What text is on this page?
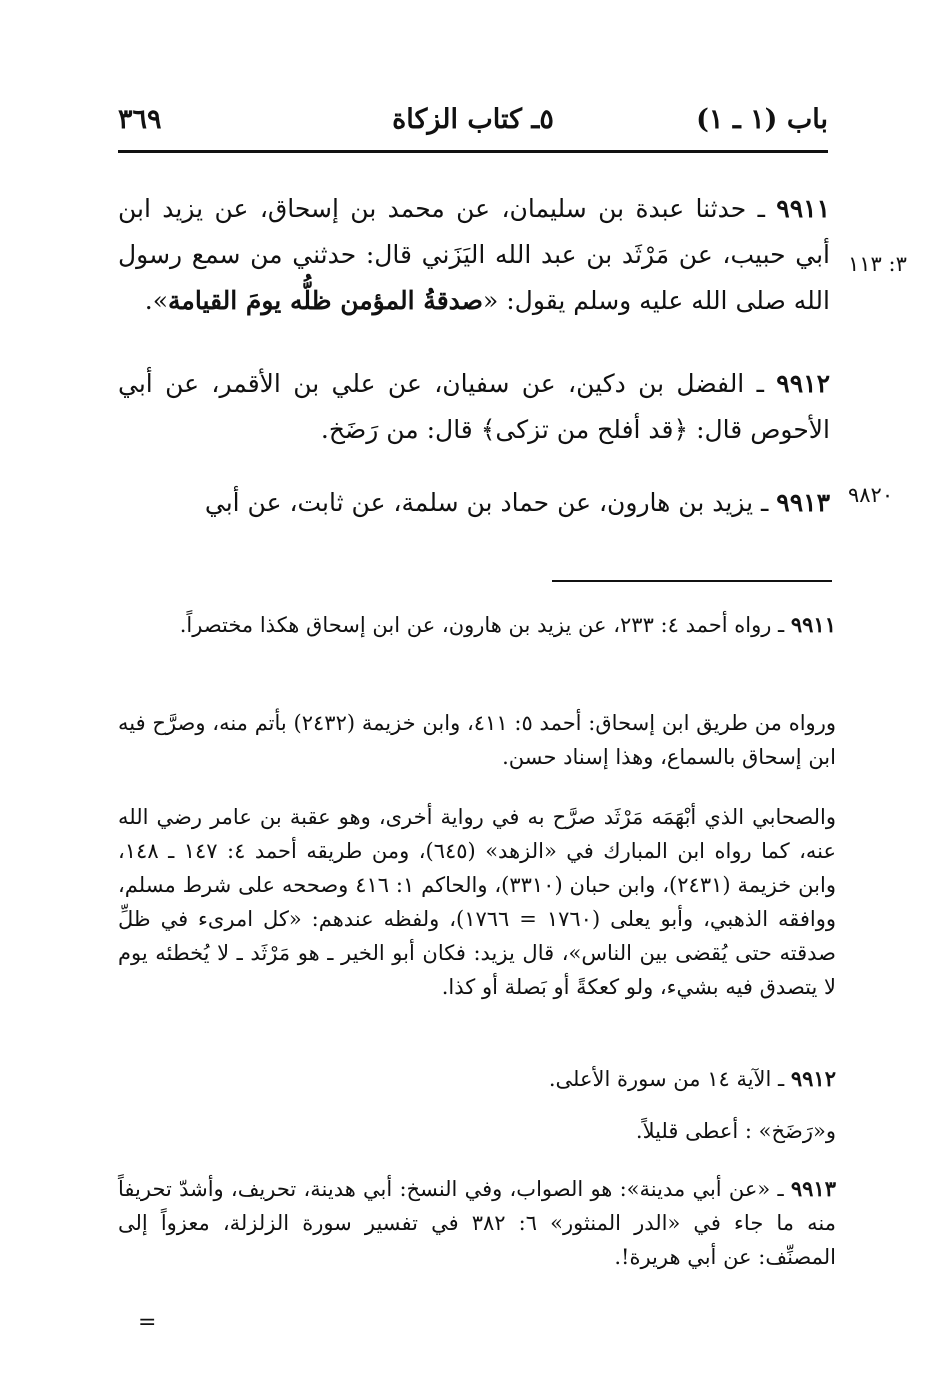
باب (١ ـ ١)
٥ـ كتاب الزكاة
٣٦٩
٣: ١١٣
٩٨٢٠
٩٩١١ ـ حدثنا عبدة بن سليمان، عن محمد بن إسحاق، عن يزيد ابن أبي حبيب، عن مَرْثَد بن عبد الله اليَزَني قال: حدثني من سمع رسول الله صلى الله عليه وسلم يقول: «صدقةُ المؤمن ظلُّه يومَ القيامة».
٩٩١٢ ـ الفضل بن دكين، عن سفيان، عن علي بن الأقمر، عن أبي الأحوص قال: ﴿قد أفلح من تزكى﴾ قال: من رَضَخ.
٩٩١٣ ـ يزيد بن هارون، عن حماد بن سلمة، عن ثابت، عن أبي
٩٩١١ ـ رواه أحمد ٤: ٢٣٣، عن يزيد بن هارون، عن ابن إسحاق هكذا مختصراً.
ورواه من طريق ابن إسحاق: أحمد ٥: ٤١١، وابن خزيمة (٢٤٣٢) بأتم منه، وصرَّح فيه ابن إسحاق بالسماع، وهذا إسناد حسن.
والصحابي الذي أبْهَمَه مَرْثَد صرَّح به في رواية أخرى، وهو عقبة بن عامر رضي الله عنه، كما رواه ابن المبارك في «الزهد» (٦٤٥)، ومن طريقه أحمد ٤: ١٤٧ ـ ١٤٨، وابن خزيمة (٢٤٣١)، وابن حبان (٣٣١٠)، والحاكم ١: ٤١٦ وصححه على شرط مسلم، ووافقه الذهبي، وأبو يعلى (١٧٦٠ = ١٧٦٦)، ولفظه عندهم: «كل امرىء في ظلِّ صدقته حتى يُقضى بين الناس»، قال يزيد: فكان أبو الخير ـ هو مَرْثَد ـ لا يُخطئه يوم لا يتصدق فيه بشيء، ولو كعكةً أو بَصلة أو كذا.
٩٩١٢ ـ الآية ١٤ من سورة الأعلى.
و«رَضَخ» : أعطى قليلاً.
٩٩١٣ ـ «عن أبي مدينة»: هو الصواب، وفي النسخ: أبي هدينة، تحريف، وأشدّ تحريفاً منه ما جاء في «الدر المنثور» ٦: ٣٨٢ في تفسير سورة الزلزلة، معزواً إلى المصنِّف: عن أبي هريرة!.
=
